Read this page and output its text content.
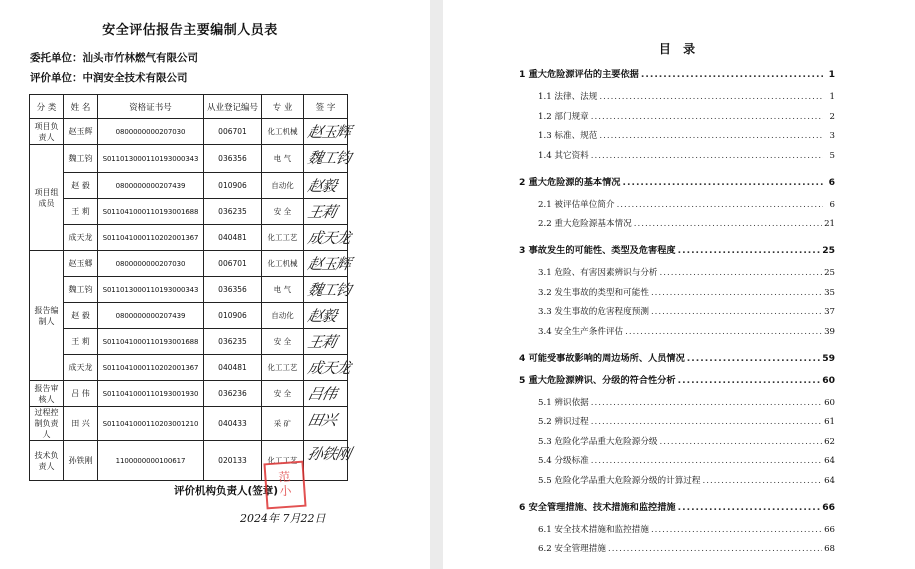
安全评估报告主要编制人员表
委托单位：汕头市竹林燃气有限公司
评价单位：中润安全技术有限公司
分 类	姓 名	资格证书号	从业登记编号	专 业	签 字
项目负责人	赵玉辉	0800000000207030	006701	化工机械	赵玉辉

项目组成员	魏工钧	S011013000110193000343	036356	电 气	魏工钧

	赵 毅	0800000000207439	010906	自动化	赵毅

	王 莉	S011041000110193001688	036235	安 全	王莉

	成天龙	S011041000110202001367	040481	化工工艺	成天龙

报告编制人	赵玉郷	0800000000207030	006701	化工机械	赵玉辉

	魏工钧	S011013000110193000343	036356	电 气	魏工钧

	赵 毅	0800000000207439	010906	自动化	赵毅

	王 莉	S011041000110193001688	036235	安 全	王莉

	成天龙	S011041000110202001367	040481	化工工艺	成天龙

报告审核人	吕 伟	S011041000110193001930	036236	安 全	吕伟

过程控制负责人	田 兴	S011041000110203001210	040433	采 矿	田兴

技术负责人	孙铁刚	1100000000100617	020133	化工工艺	孙铁刚
评价机构负责人(签章)
范
小
2024年 7月22日
目 录
1 重大危险源评估的主要依据 .....	1
1.1 法律、法规 .....	1
1.2 部门规章 .....	2
1.3 标准、规范 .....	3
1.4 其它资料 .....	5
2 重大危险源的基本情况 .....	6
2.1 被评估单位简介 .....	6
2.2 重大危险源基本情况 .....	21
3 事故发生的可能性、类型及危害程度 .....	25
3.1 危险、有害因素辨识与分析 .....	25
3.2 发生事故的类型和可能性 .....	35
3.3 发生事故的危害程度预测 .....	37
3.4 安全生产条件评估 .....	39
4 可能受事故影响的周边场所、人员情况 .....	59
5 重大危险源辨识、分级的符合性分析 .....	60
5.1 辨识依据 .....	60
5.2 辨识过程 .....	61
5.3 危险化学品重大危险源分级 .....	62
5.4 分级标准 .....	64
5.5 危险化学品重大危险源分级的计算过程 .....	64
6 安全管理措施、技术措施和监控措施 .....	66
6.1 安全技术措施和监控措施 .....	66
6.2 安全管理措施 .....	68
